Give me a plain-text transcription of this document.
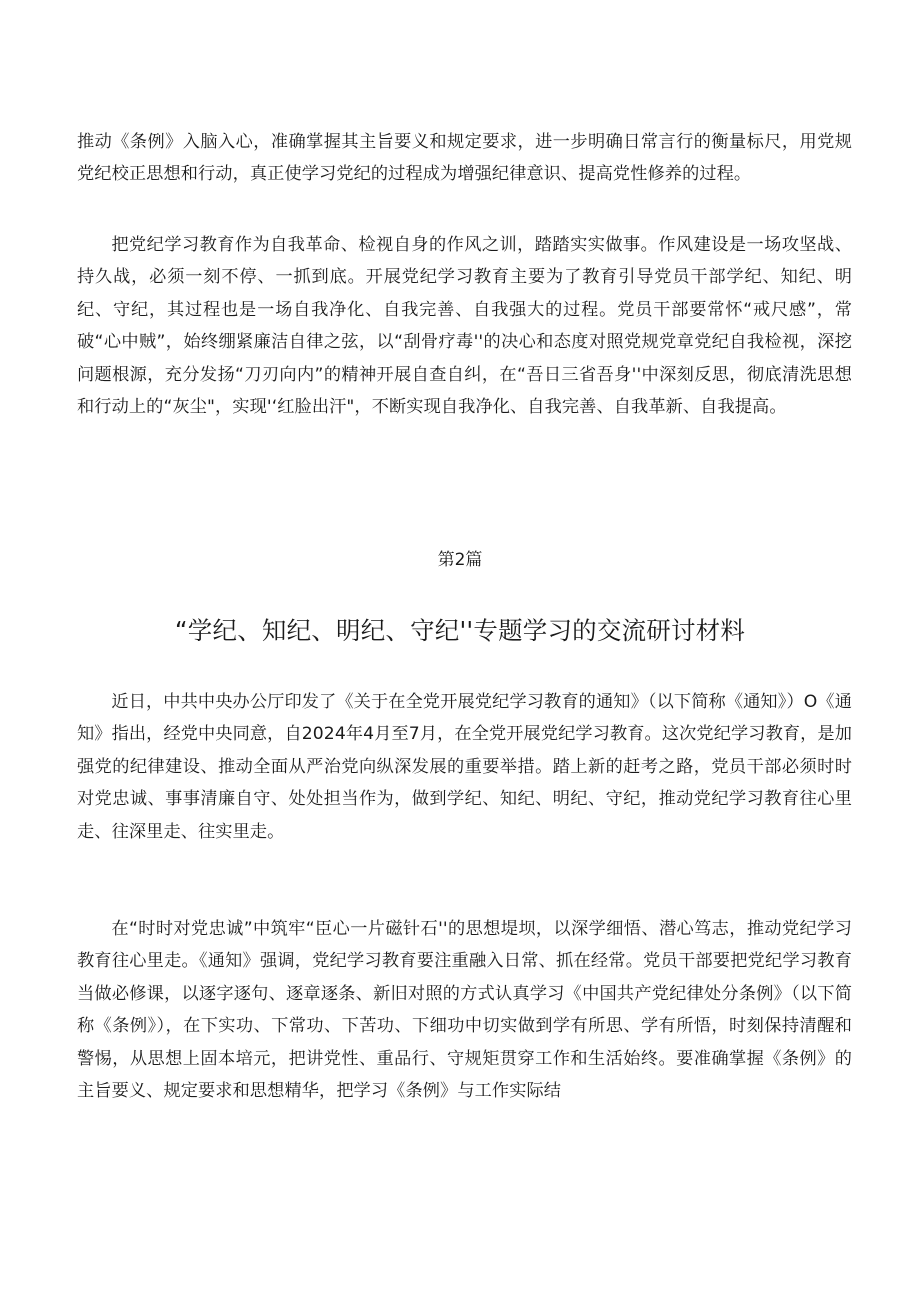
推动《条例》入脑入心，准确掌握其主旨要义和规定要求，进一步明确日常言行的衡量标尺，用党规党纪校正思想和行动，真正使学习党纪的过程成为增强纪律意识、提高党性修养的过程。

把党纪学习教育作为自我革命、检视自身的作风之训，踏踏实实做事。作风建设是一场攻坚战、持久战，必须一刻不停、一抓到底。开展党纪学习教育主要为了教育引导党员干部学纪、知纪、明纪、守纪，其过程也是一场自我净化、自我完善、自我强大的过程。党员干部要常怀“戒尺感”，常破“心中贼”，始终绷紧廉洁自律之弦，以“刮骨疗毒''的决心和态度对照党规党章党纪自我检视，深挖问题根源，充分发扬“刀刃向内”的精神开展自查自纠，在“吾日三省吾身''中深刻反思，彻底清洗思想和行动上的“灰尘"，实现'‘红脸出汗"，不断实现自我净化、自我完善、自我革新、自我提高。

第2篇
“学纪、知纪、明纪、守纪''专题学习的交流研讨材料

近日，中共中央办公厅印发了《关于在全党开展党纪学习教育的通知》（以下简称《通知》）O《通知》指出，经党中央同意，自2024年4月至7月，在全党开展党纪学习教育。这次党纪学习教育，是加强党的纪律建设、推动全面从严治党向纵深发展的重要举措。踏上新的赶考之路，党员干部必须时时对党忠诚、事事清廉自守、处处担当作为，做到学纪、知纪、明纪、守纪，推动党纪学习教育往心里走、往深里走、往实里走。

在“时时对党忠诚”中筑牢“臣心一片磁针石''的思想堤坝，以深学细悟、潜心笃志，推动党纪学习教育往心里走。《通知》强调，党纪学习教育要注重融入日常、抓在经常。党员干部要把党纪学习教育当做必修课，以逐字逐句、逐章逐条、新旧对照的方式认真学习《中国共产党纪律处分条例》（以下简称《条例》），在下实功、下常功、下苦功、下细功中切实做到学有所思、学有所悟，时刻保持清醒和警惕，从思想上固本培元，把讲党性、重品行、守规矩贯穿工作和生活始终。要准确掌握《条例》的主旨要义、规定要求和思想精华，把学习《条例》与工作实际结
